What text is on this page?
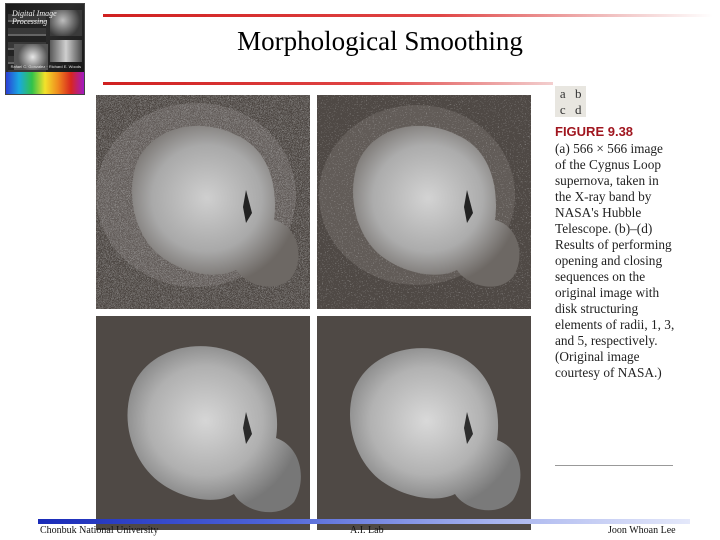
Digital Image Processing
Rafael C. Gonzalez · Richard E. Woods
Morphological Smoothing
a b
c d
FIGURE 9.38
(a) 566 × 566 image of the Cygnus Loop supernova, taken in the X-ray band by NASA's Hubble Telescope. (b)–(d) Results of performing opening and closing sequences on the original image with disk structuring elements of radii, 1, 3, and 5, respectively. (Original image courtesy of NASA.)
Chonbuk National University	A.I. Lab	Joon Whoan Lee
